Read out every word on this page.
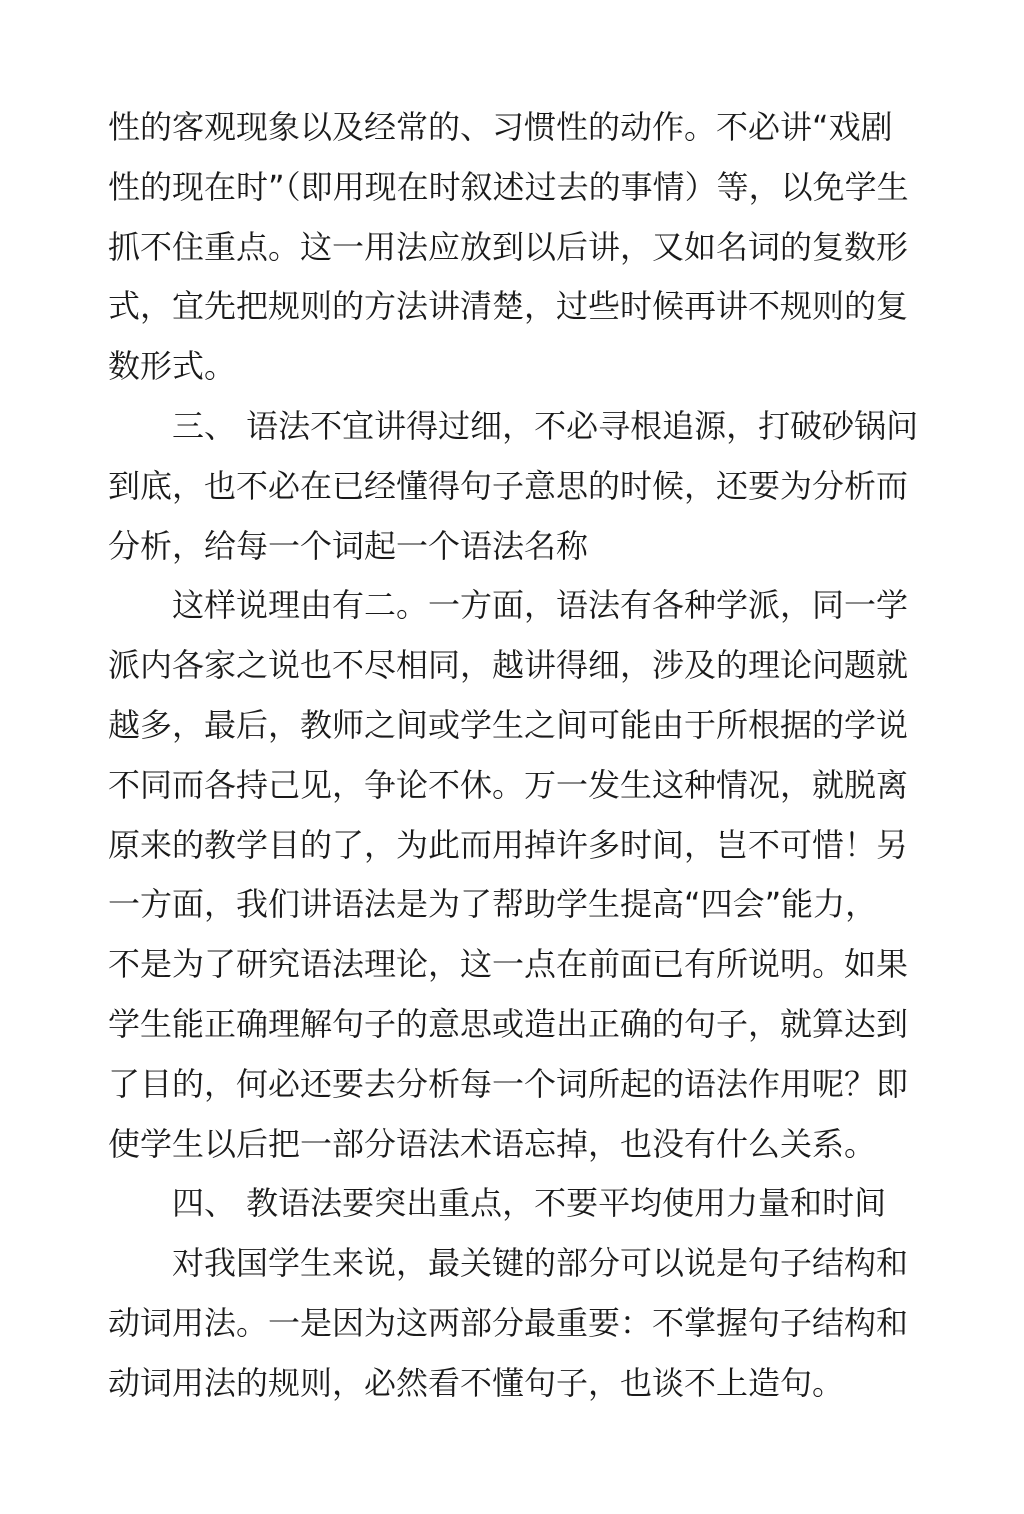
性的客观现象以及经常的、习惯性的动作。不必讲“戏剧
性的现在时”（即用现在时叙述过去的事情）等，以免学生
抓不住重点。这一用法应放到以后讲，又如名词的复数形
式，宜先把规则的方法讲清楚，过些时候再讲不规则的复
数形式。
三、 语法不宜讲得过细，不必寻根追源，打破砂锅问
到底，也不必在已经懂得句子意思的时候，还要为分析而
分析，给每一个词起一个语法名称
这样说理由有二。一方面，语法有各种学派，同一学
派内各家之说也不尽相同，越讲得细，涉及的理论问题就
越多，最后，教师之间或学生之间可能由于所根据的学说
不同而各持己见，争论不休。万一发生这种情况，就脱离
原来的教学目的了，为此而用掉许多时间，岂不可惜！另
一方面，我们讲语法是为了帮助学生提高“四会”能力，
不是为了研究语法理论，这一点在前面已有所说明。如果
学生能正确理解句子的意思或造出正确的句子，就算达到
了目的，何必还要去分析每一个词所起的语法作用呢？即
使学生以后把一部分语法术语忘掉，也没有什么关系。
四、 教语法要突出重点，不要平均使用力量和时间
对我国学生来说，最关键的部分可以说是句子结构和
动词用法。一是因为这两部分最重要：不掌握句子结构和
动词用法的规则，必然看不懂句子，也谈不上造句。
